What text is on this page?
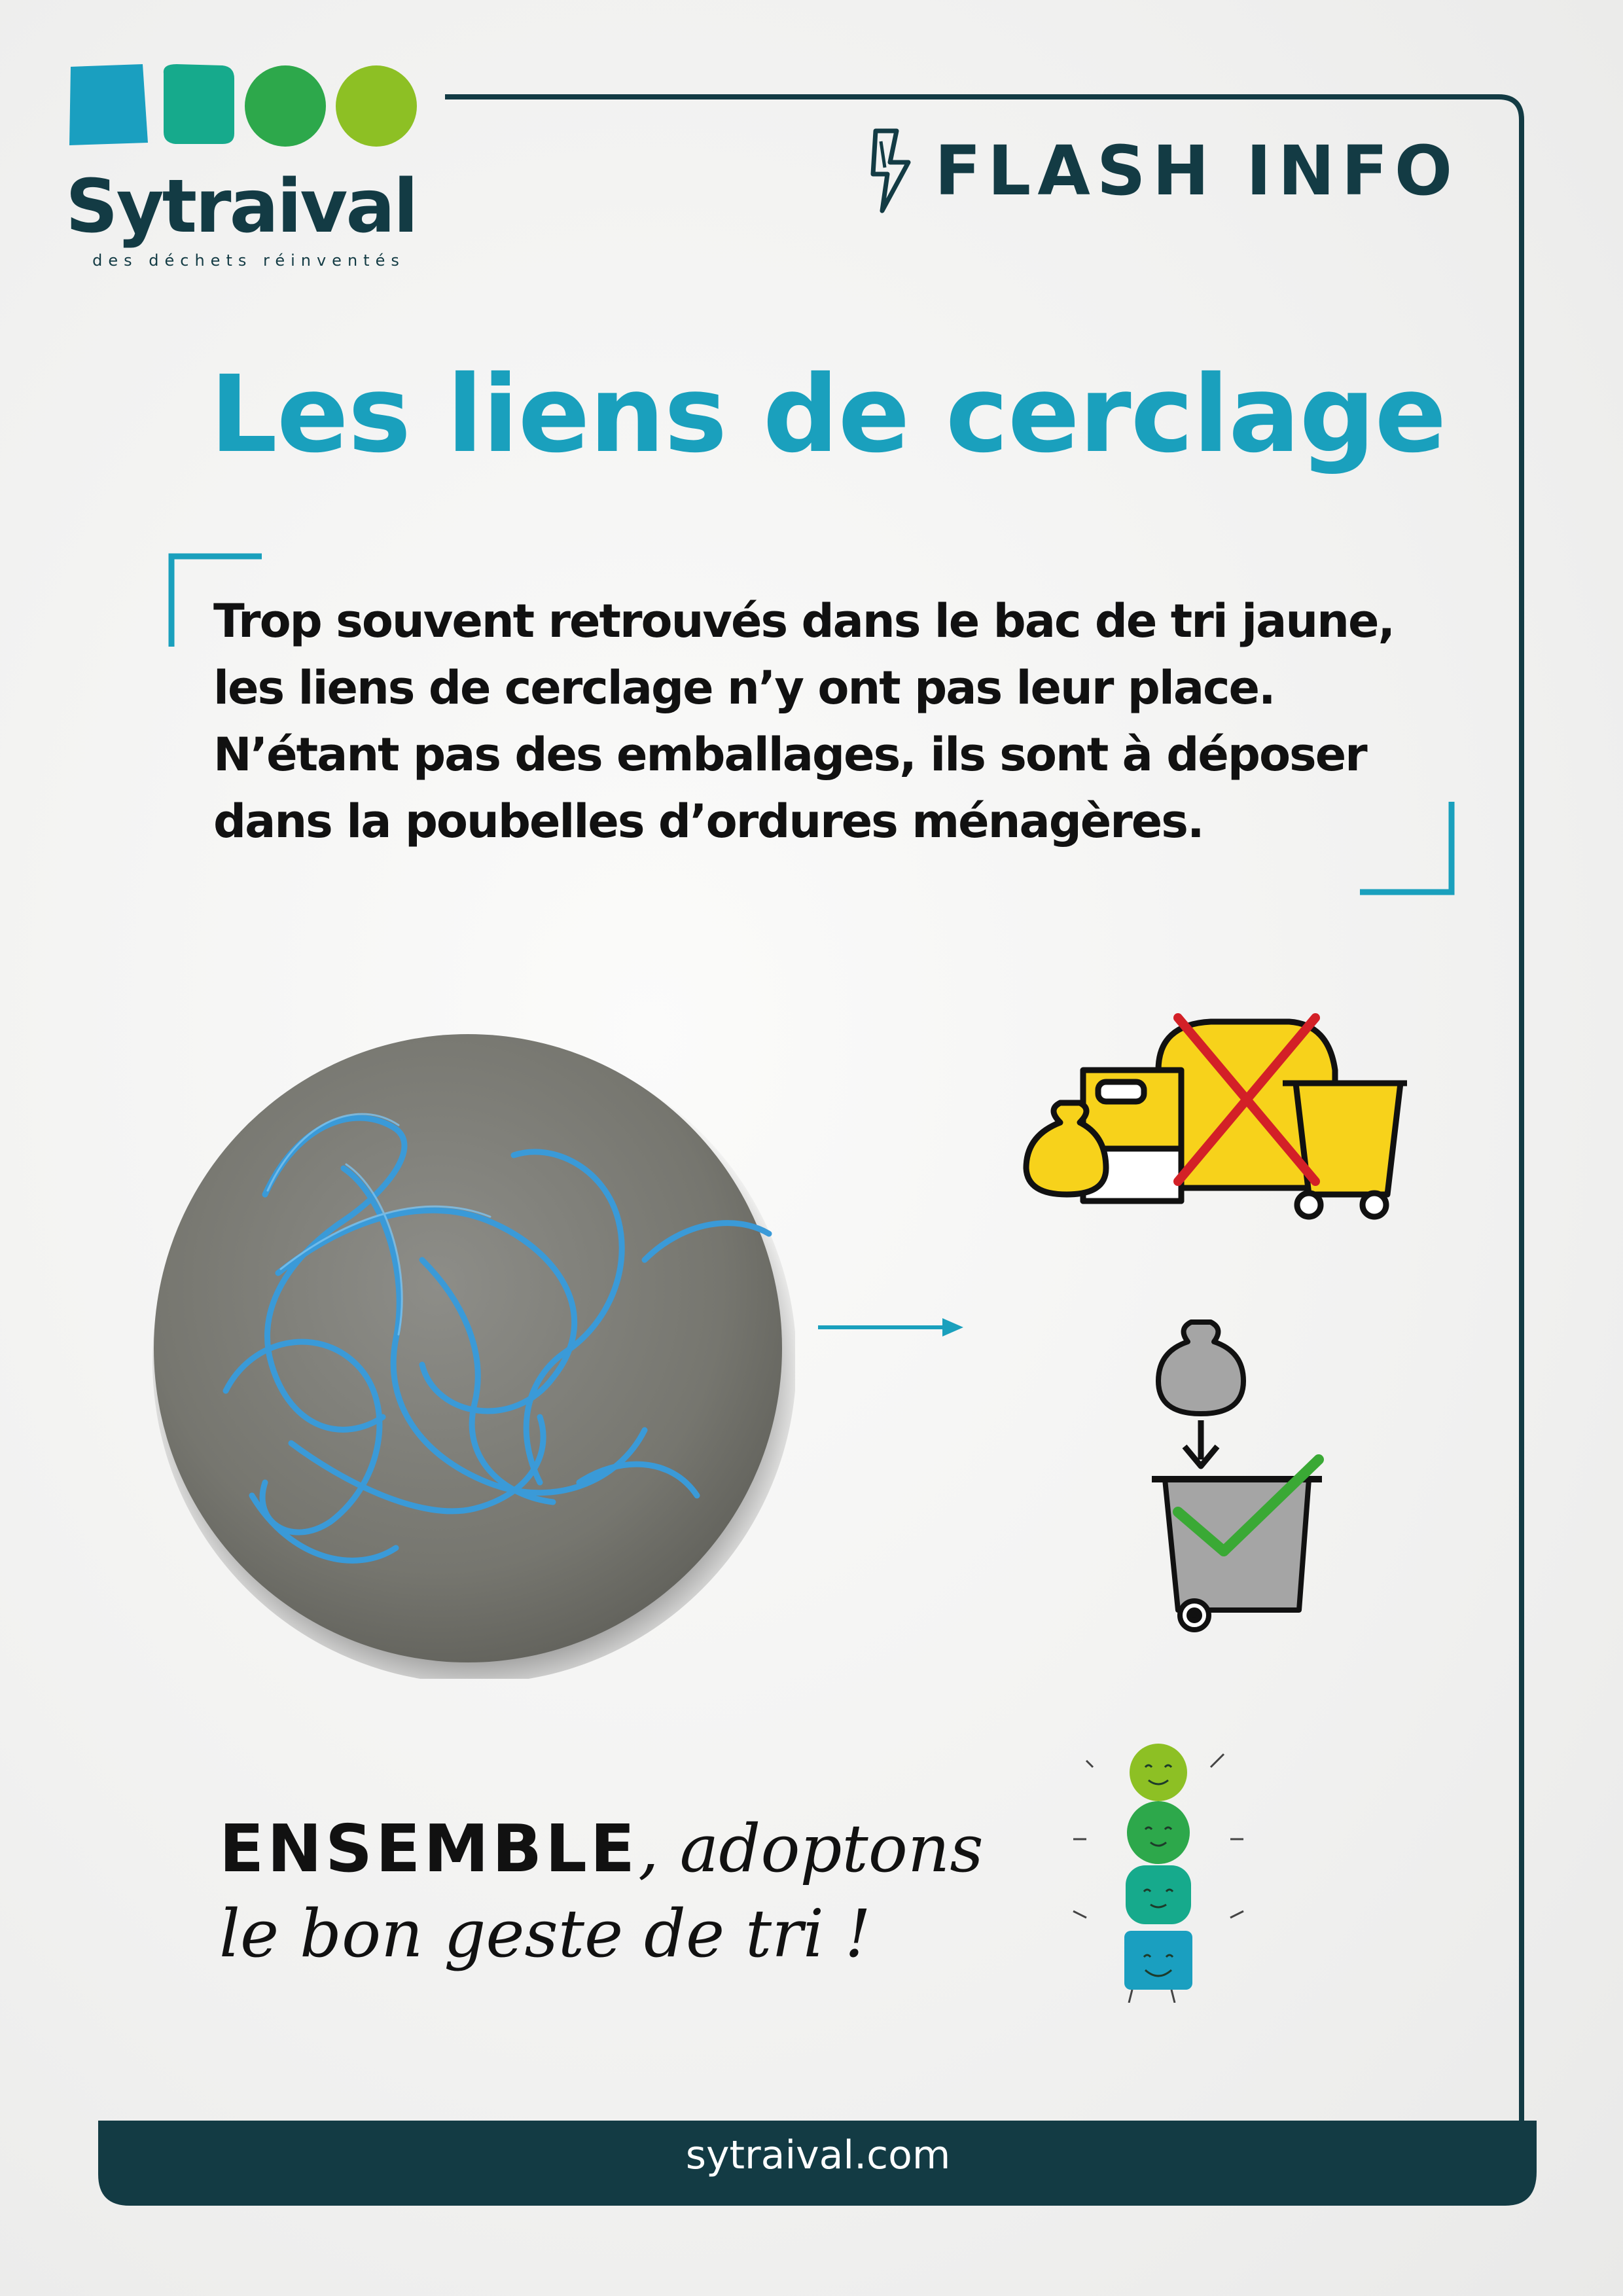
Sytraival
des déchets réinventés
FLASH INFO
Les liens de cerclage

Trop souvent retrouvés dans le bac de tri jaune,

les liens de cerclage n’y ont pas leur place.

N’étant pas des emballages, ils sont à déposer

dans la poubelles d’ordures ménagères.

ENSEMBLE, adoptons
le bon geste de tri !
sytraival.com
